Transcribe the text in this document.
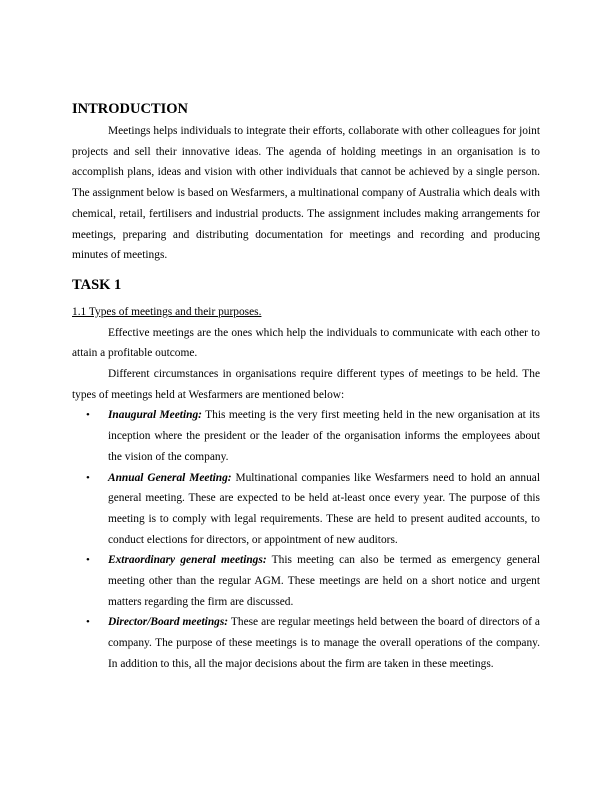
INTRODUCTION

Meetings helps individuals to integrate their efforts, collaborate with other colleagues for joint projects and sell their innovative ideas. The agenda of holding meetings in an organisation is to accomplish plans, ideas and vision with other individuals that cannot be achieved by a single person. The assignment below is based on Wesfarmers, a multinational company of Australia which deals with chemical, retail, fertilisers and industrial products. The assignment includes making arrangements for meetings, preparing and distributing documentation for meetings and recording and producing minutes of meetings.

TASK 1

1.1 Types of meetings and their purposes.

Effective meetings are the ones which help the individuals to communicate with each other to attain a profitable outcome.

Different circumstances in organisations require different types of meetings to be held. The types of meetings held at Wesfarmers are mentioned below:

• Inaugural Meeting: This meeting is the very first meeting held in the new organisation at its inception where the president or the leader of the organisation informs the employees about the vision of the company.
• Annual General Meeting: Multinational companies like Wesfarmers need to hold an annual general meeting. These are expected to be held at-least once every year. The purpose of this meeting is to comply with legal requirements. These are held to present audited accounts, to conduct elections for directors, or appointment of new auditors.
• Extraordinary general meetings: This meeting can also be termed as emergency general meeting other than the regular AGM. These meetings are held on a short notice and urgent matters regarding the firm are discussed.
• Director/Board meetings: These are regular meetings held between the board of directors of a company. The purpose of these meetings is to manage the overall operations of the company. In addition to this, all the major decisions about the firm are taken in these meetings.
